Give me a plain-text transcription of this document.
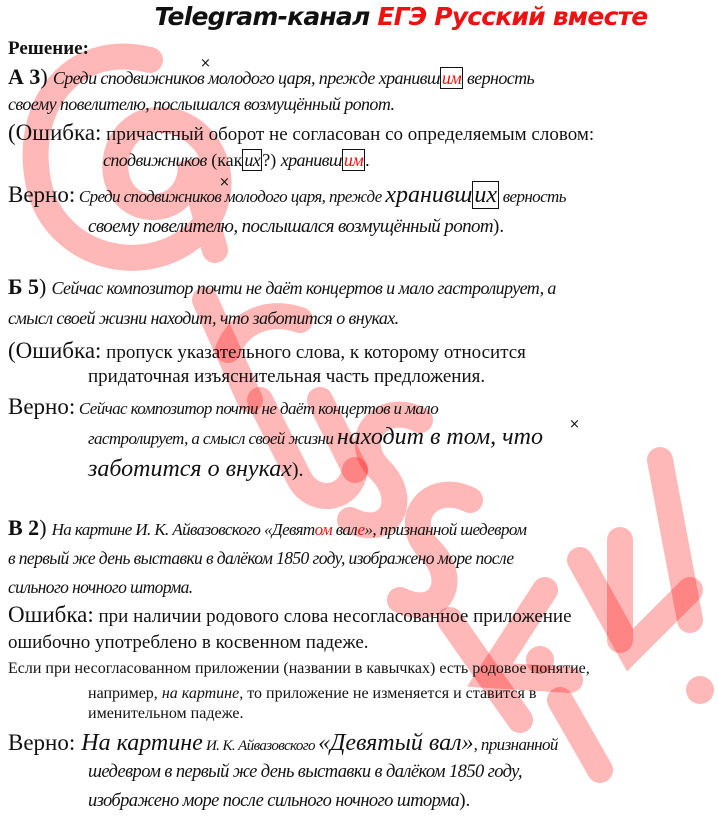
Telegram-канал ЕГЭ Русский вместе
Решение:
×
А 3) Среди сподвижников молодого царя, прежде хранивш им верность
своему повелителю, послышался возмущённый ропот.
(Ошибка: причастный оборот не согласован со определяемым словом:
сподвижников (как их ?) хранивш им .
×
Верно: Среди сподвижников молодого царя, прежде хранивших верность
своему повелителю, послышался возмущённый ропот).
Б 5) Сейчас композитор почти не даёт концертов и мало гастролирует, а
смысл своей жизни находит, что заботится о внуках.
(Ошибка: пропуск указательного слова, к которому относится
придаточная изъяснительная часть предложения.
Верно: Сейчас композитор почти не даёт концертов и мало
×
гастролирует, а смысл своей жизни находит в том, что
заботится о внуках).
В 2) На картине И. К. Айвазовского «Девятом вале», признанной шедевром
в первый же день выставки в далёком 1850 году, изображено море после
сильного ночного шторма.
Ошибка: при наличии родового слова несогласованное приложение
ошибочно употреблено в косвенном падеже.
Если при несогласованном приложении (названии в кавычках) есть родовое понятие,
например, на картине, то приложение не изменяется и ставится в
именительном падеже.
Верно: На картине И. К. Айвазовского «Девятый вал», признанной
шедевром в первый же день выставки в далёком 1850 году,
изображено море после сильного ночного шторма).
